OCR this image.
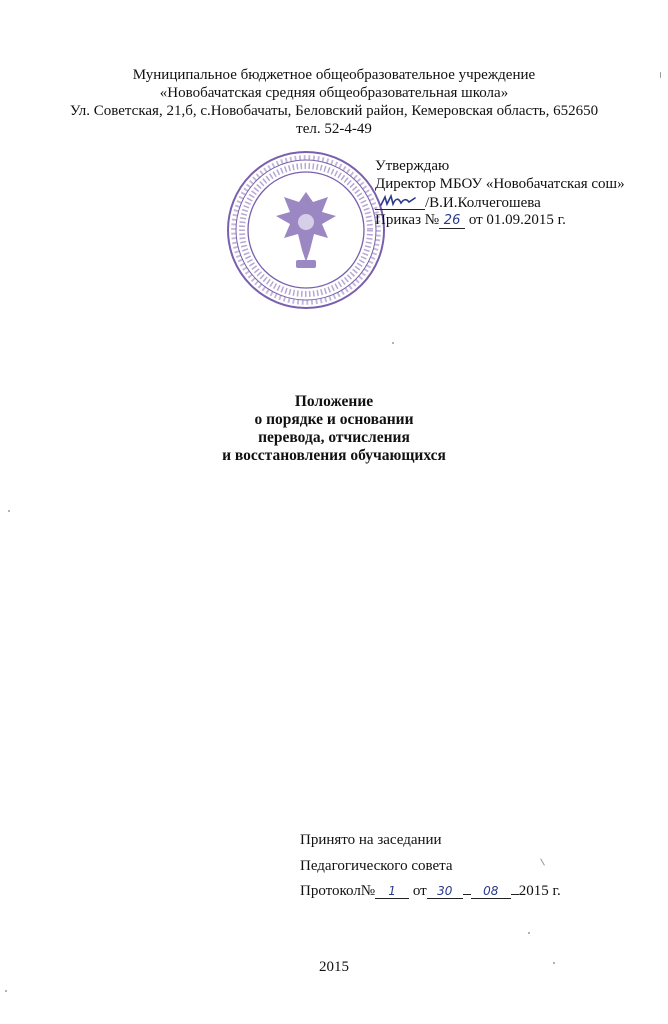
Муниципальное бюджетное общеобразовательное учреждение
«Новобачатская средняя общеобразовательная школа»
Ул. Советская, 21,б, с.Новобачаты, Беловский район, Кемеровская область, 652650
тел. 52-4-49
Утверждаю
Директор МБОУ «Новобачатская сош»
/В.И.Колчегошева
Приказ № 26 от 01.09.2015 г.
Положение
о порядке и основании
перевода, отчисления
и восстановления обучающихся
Принято на заседании
Педагогического совета
Протокол№ 1 от 30	08 2015 г.
2015
